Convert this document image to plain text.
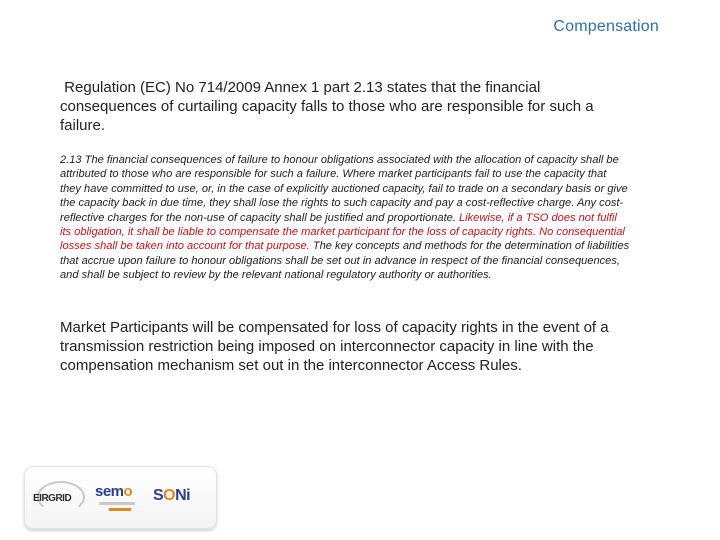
Compensation
Regulation (EC) No 714/2009 Annex 1 part 2.13 states that the financial consequences of curtailing capacity falls to those who are responsible for such a failure.
2.13 The financial consequences of failure to honour obligations associated with the allocation of capacity shall be attributed to those who are responsible for such a failure. Where market participants fail to use the capacity that they have committed to use, or, in the case of explicitly auctioned capacity, fail to trade on a secondary basis or give the capacity back in due time, they shall lose the rights to such capacity and pay a cost-reflective charge. Any cost-reflective charges for the non-use of capacity shall be justified and proportionate. Likewise, if a TSO does not fulfil its obligation, it shall be liable to compensate the market participant for the loss of capacity rights. No consequential losses shall be taken into account for that purpose. The key concepts and methods for the determination of liabilities that accrue upon failure to honour obligations shall be set out in advance in respect of the financial consequences, and shall be subject to review by the relevant national regulatory authority or authorities.
Market Participants will be compensated for loss of capacity rights in the event of a transmission restriction being imposed on interconnector capacity in line with the compensation mechanism set out in the interconnector Access Rules.
EIRGRID semo SONi
